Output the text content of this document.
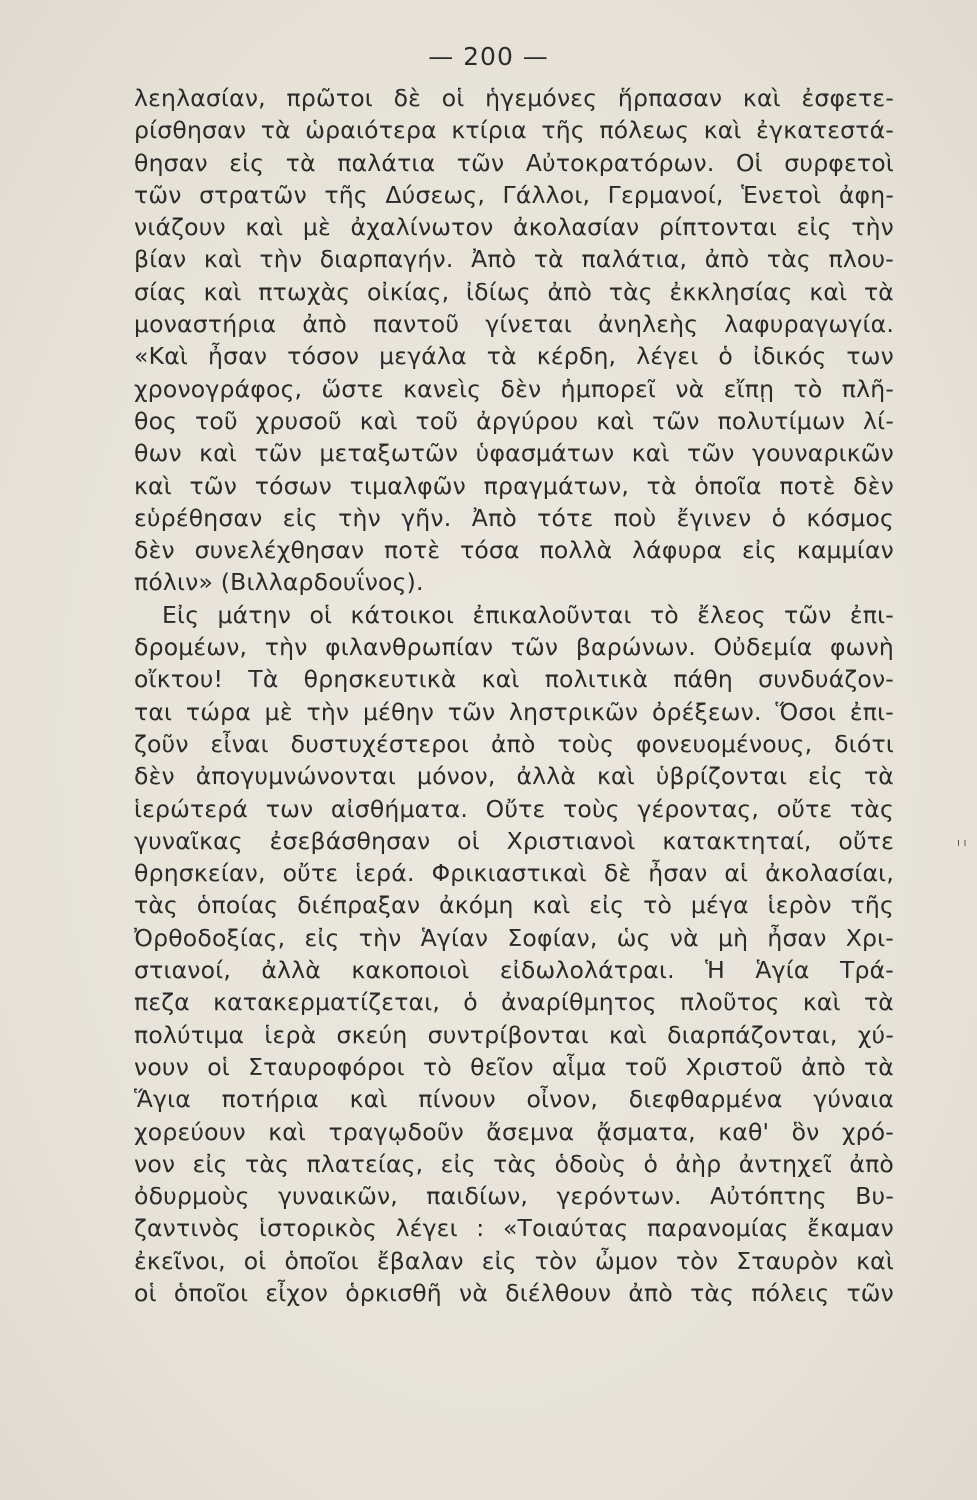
— 200 —
λεηλασίαν, πρῶτοι δὲ οἱ ἡγεμόνες ἥρπασαν καὶ ἐσφετε-
ρίσθησαν τὰ ὡραιότερα κτίρια τῆς πόλεως καὶ ἐγκατεστά-
θησαν εἰς τὰ παλάτια τῶν Αὐτοκρατόρων. Οἱ συρφετοὶ
τῶν στρατῶν τῆς Δύσεως, Γάλλοι, Γερμανοί, Ἑνετοὶ ἀφη-
νιάζουν καὶ μὲ ἀχαλίνωτον ἀκολασίαν ρίπτονται εἰς τὴν
βίαν καὶ τὴν διαρπαγήν. Ἀπὸ τὰ παλάτια, ἀπὸ τὰς πλου-
σίας καὶ πτωχὰς οἰκίας, ἰδίως ἀπὸ τὰς ἐκκλησίας καὶ τὰ
μοναστήρια ἀπὸ παντοῦ γίνεται ἀνηλεὴς λαφυραγωγία.
«Καὶ ἦσαν τόσον μεγάλα τὰ κέρδη, λέγει ὁ ἰδικός των
χρονογράφος, ὥστε κανεὶς δὲν ἠμπορεῖ νὰ εἴπῃ τὸ πλῆ-
θος τοῦ χρυσοῦ καὶ τοῦ ἀργύρου καὶ τῶν πολυτίμων λί-
θων καὶ τῶν μεταξωτῶν ὑφασμάτων καὶ τῶν γουναρικῶν
καὶ τῶν τόσων τιμαλφῶν πραγμάτων, τὰ ὁποῖα ποτὲ δὲν
εὑρέθησαν εἰς τὴν γῆν. Ἀπὸ τότε ποὺ ἔγινεν ὁ κόσμος
δὲν συνελέχθησαν ποτὲ τόσα πολλὰ λάφυρα εἰς καμμίαν
πόλιν» (Βιλλαρδουΐνος).
Εἰς μάτην οἱ κάτοικοι ἐπικαλοῦνται τὸ ἔλεος τῶν ἐπι-
δρομέων, τὴν φιλανθρωπίαν τῶν βαρώνων. Οὐδεμία φωνὴ
οἴκτου! Τὰ θρησκευτικὰ καὶ πολιτικὰ πάθη συνδυάζον-
ται τώρα μὲ τὴν μέθην τῶν ληστρικῶν ὀρέξεων. Ὅσοι ἐπι-
ζοῦν εἶναι δυστυχέστεροι ἀπὸ τοὺς φονευομένους, διότι
δὲν ἀπογυμνώνονται μόνον, ἀλλὰ καὶ ὑβρίζονται εἰς τὰ
ἱερώτερά των αἰσθήματα. Οὔτε τοὺς γέροντας, οὔτε τὰς
γυναῖκας ἐσεβάσθησαν οἱ Χριστιανοὶ κατακτηταί, οὔτε
θρησκείαν, οὔτε ἱερά. Φρικιαστικαὶ δὲ ἦσαν αἱ ἀκολασίαι,
τὰς ὁποίας διέπραξαν ἀκόμη καὶ εἰς τὸ μέγα ἱερὸν τῆς
Ὀρθοδοξίας, εἰς τὴν Ἁγίαν Σοφίαν, ὡς νὰ μὴ ἦσαν Χρι-
στιανοί, ἀλλὰ κακοποιοὶ εἰδωλολάτραι. Ἡ Ἁγία Τρά-
πεζα κατακερματίζεται, ὁ ἀναρίθμητος πλοῦτος καὶ τὰ
πολύτιμα ἱερὰ σκεύη συντρίβονται καὶ διαρπάζονται, χύ-
νουν οἱ Σταυροφόροι τὸ θεῖον αἷμα τοῦ Χριστοῦ ἀπὸ τὰ
Ἅγια ποτήρια καὶ πίνουν οἶνον, διεφθαρμένα γύναια
χορεύουν καὶ τραγῳδοῦν ἄσεμνα ᾄσματα, καθ' ὃν χρό-
νον εἰς τὰς πλατείας, εἰς τὰς ὁδοὺς ὁ ἀὴρ ἀντηχεῖ ἀπὸ
ὀδυρμοὺς γυναικῶν, παιδίων, γερόντων. Αὐτόπτης Βυ-
ζαντινὸς ἱστορικὸς λέγει : «Τοιαύτας παρανομίας ἔκαμαν
ἐκεῖνοι, οἱ ὁποῖοι ἔβαλαν εἰς τὸν ὦμον τὸν Σταυρὸν καὶ
οἱ ὁποῖοι εἶχον ὁρκισθῆ νὰ διέλθουν ἀπὸ τὰς πόλεις τῶν
ı ı
